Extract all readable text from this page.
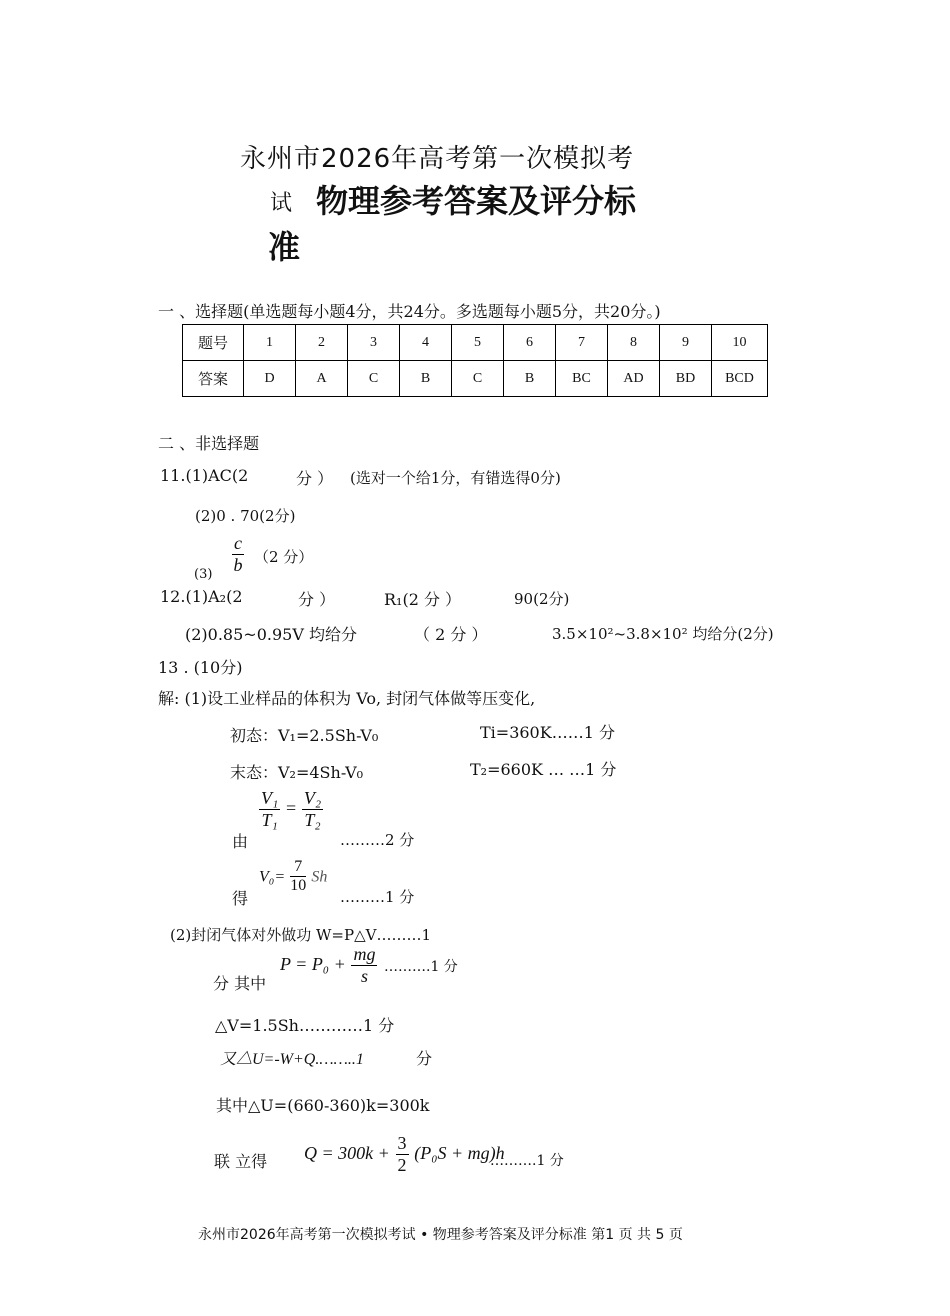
永州市2026年高考第一次模拟考
试 物理参考答案及评分标
准
一 、选择题(单选题每小题4分，共24分。多选题每小题5分，共20分。)
题号	1	2	3	4	5	6	7	8	9	10
答案	D	A	C	B	C	B	BC	AD	BD	BCD
二 、非选择题
11.(1)AC(2	分 ） (选对一个给1分，有错选得0分)
(2)0 . 70(2分)
$(3) \frac{c}{b} (2$ 分）
12.(1)A₂(2	分 ）	R₁(2 分 ）	90(2分)
(2)0.85~0.95V 均给分	（ 2 分 ）	3.5×10²~3.8×10² 均给分(2分)
13 . (10分)
解: (1)设工业样品的体积为 Vo, 封闭气体做等压变化,
初态：V₁=2.5Sh-V₀	Ti=360K……1 分
末态：V₂=4Sh-V₀	T₂=660K … …1 分
由
$\frac{\text{V₁}}{\text{T₁}} = \frac{\text{V₂}}{\text{T₂}}$
………2 分
得
$V_0= \frac{7}{10}$ Sh
………1 分
(2)封闭气体对外做功 W=P△V………1
分 其中
$P = P_0 + \frac{mg}{s}$ ……….1 分
△V=1.5Sh…………1 分
又△U=-W+Q.……..1	分
其中△U=(660-360)k=300k
联 立得 $Q = 300k + \frac{3}{2} (P_0S + mg)h$
……….1 分
永州市2026年高考第一次模拟考试 • 物理参考答案及评分标准 第1 页 共 5 页
